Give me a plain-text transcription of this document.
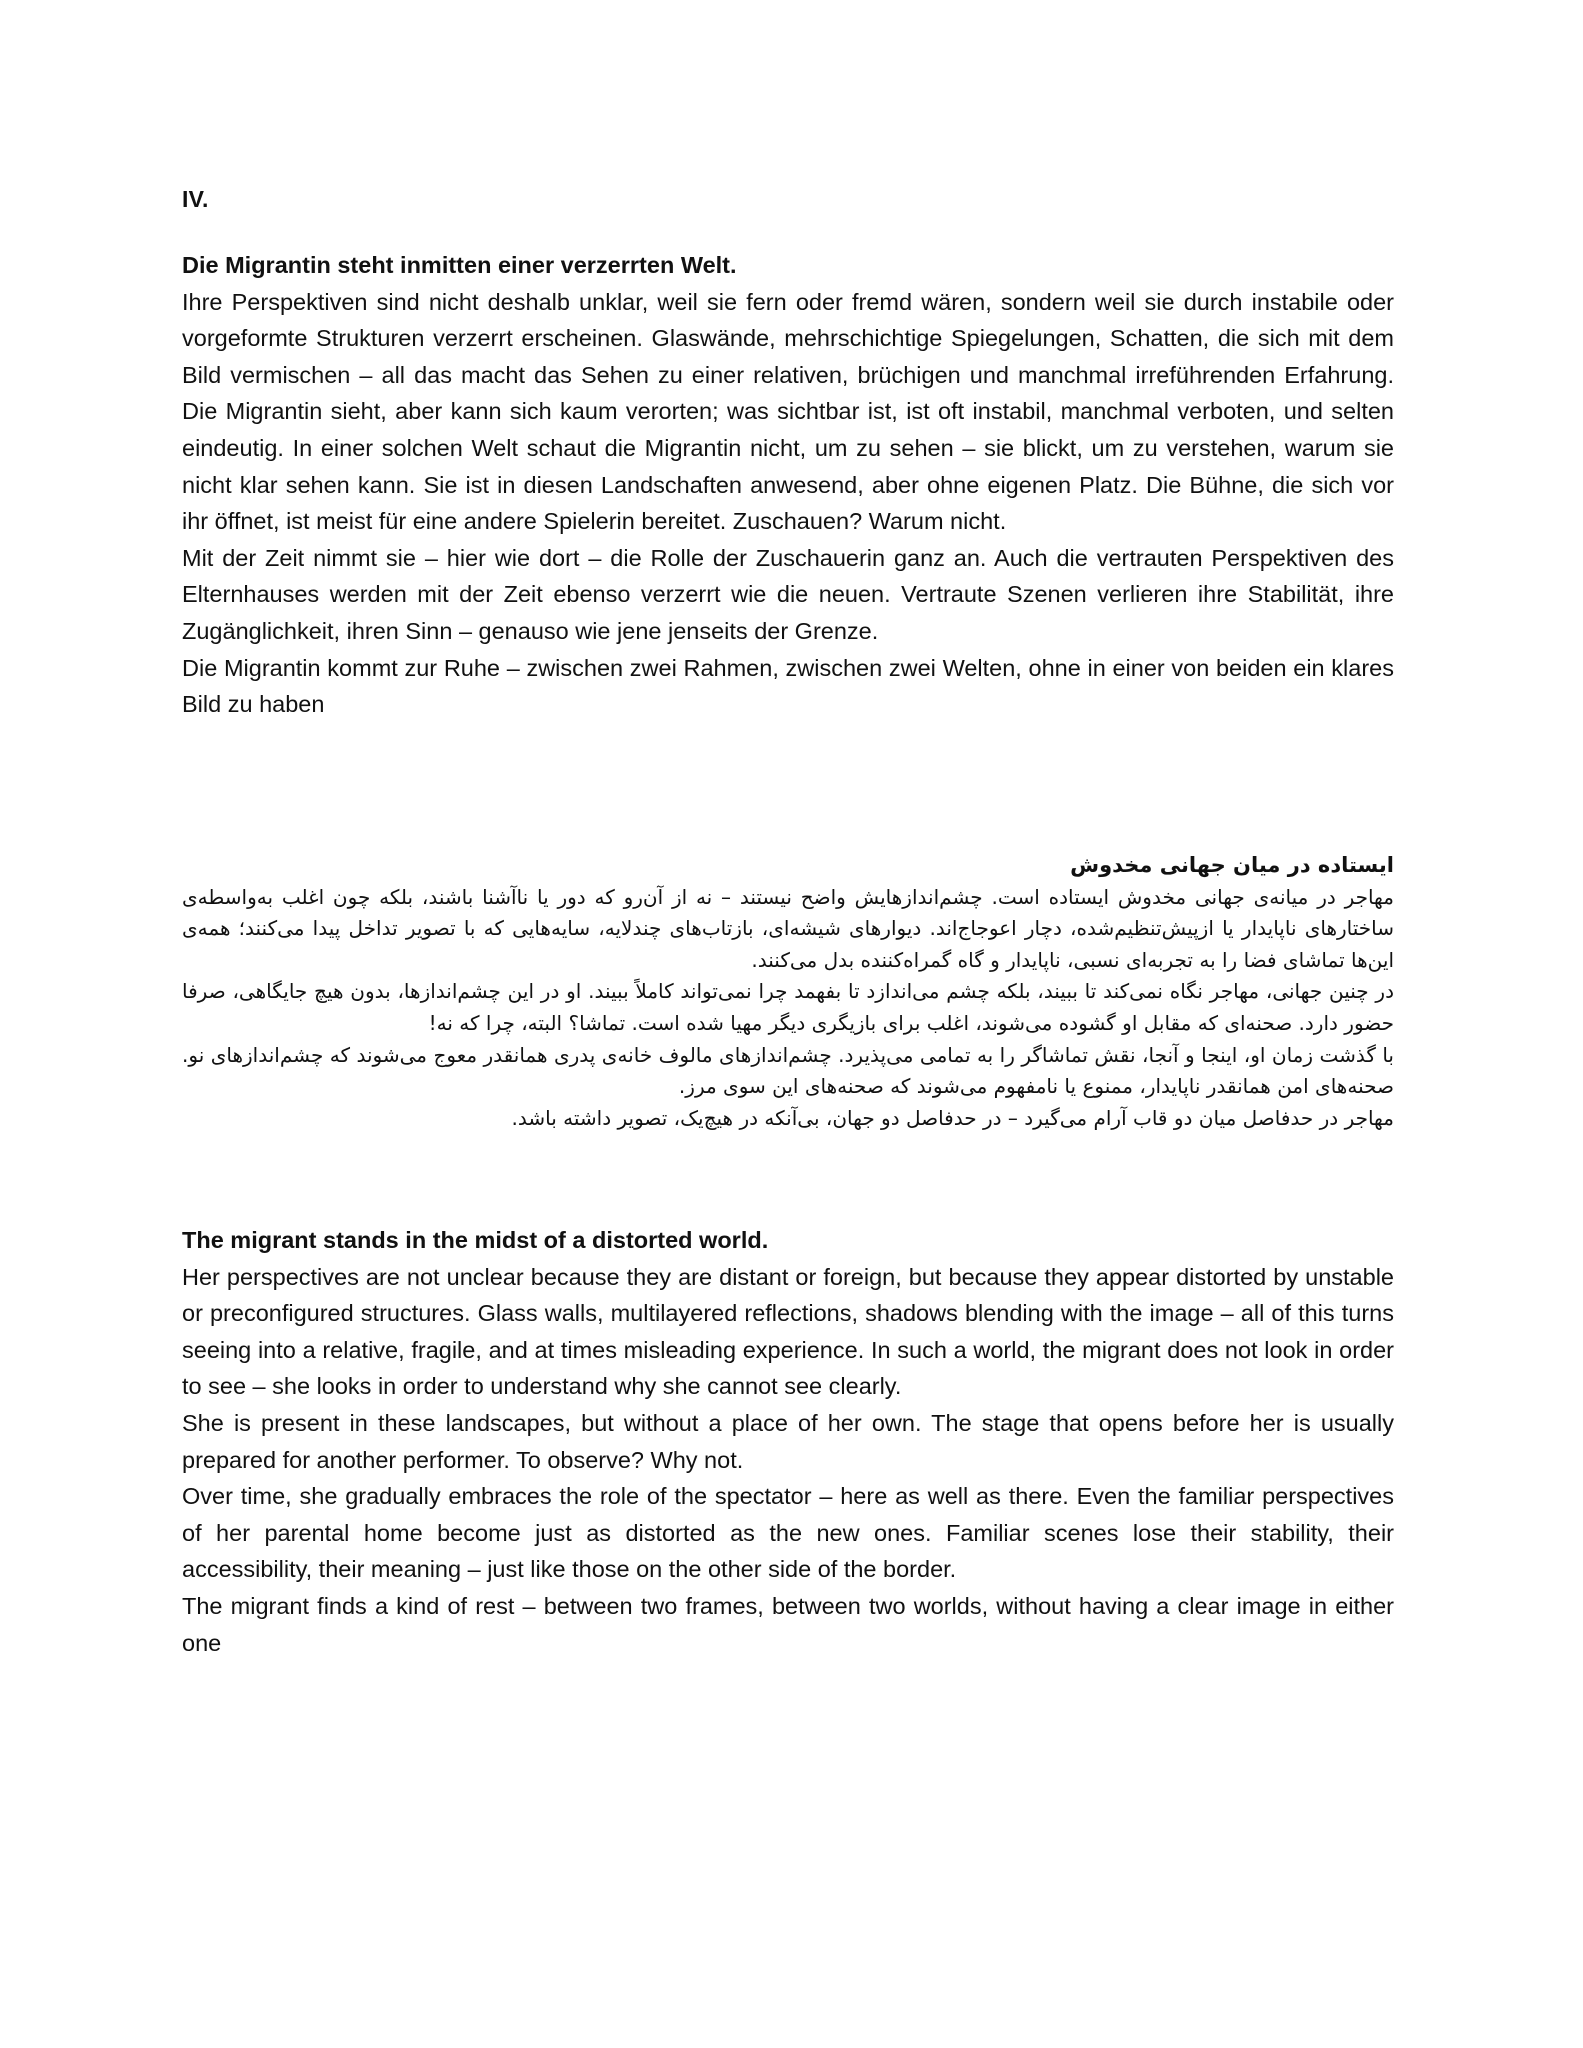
IV.

Die Migrantin steht inmitten einer verzerrten Welt.

Ihre Perspektiven sind nicht deshalb unklar, weil sie fern oder fremd wären, sondern weil sie durch instabile oder vorgeformte Strukturen verzerrt erscheinen. Glaswände, mehrschichtige Spiegelungen, Schatten, die sich mit dem Bild vermischen – all das macht das Sehen zu einer relativen, brüchigen und manchmal irreführenden Erfahrung. Die Migrantin sieht, aber kann sich kaum verorten; was sichtbar ist, ist oft instabil, manchmal verboten, und selten eindeutig. In einer solchen Welt schaut die Migrantin nicht, um zu sehen – sie blickt, um zu verstehen, warum sie nicht klar sehen kann. Sie ist in diesen Landschaften anwesend, aber ohne eigenen Platz. Die Bühne, die sich vor ihr öffnet, ist meist für eine andere Spielerin bereitet. Zuschauen? Warum nicht.

Mit der Zeit nimmt sie – hier wie dort – die Rolle der Zuschauerin ganz an. Auch die vertrauten Perspektiven des Elternhauses werden mit der Zeit ebenso verzerrt wie die neuen. Vertraute Szenen verlieren ihre Stabilität, ihre Zugänglichkeit, ihren Sinn – genauso wie jene jenseits der Grenze.

Die Migrantin kommt zur Ruhe – zwischen zwei Rahmen, zwischen zwei Welten, ohne in einer von beiden ein klares Bild zu haben

ایستاده در میان جهانی مخدوش

مهاجر در میانه‌ی جهانی مخدوش ایستاده است. چشم‌اندازهایش واضح نیستند – نه از آن‌رو که دور یا ناآشنا باشند، بلکه چون اغلب به‌واسطه‌ی ساختارهای ناپایدار یا ازپیش‌تنظیم‌شده، دچار اعوجاج‌اند. دیوارهای شیشه‌ای، بازتاب‌های چندلایه، سایه‌هایی که با تصویر تداخل پیدا می‌کنند؛ همه‌ی این‌ها تماشای فضا را به تجربه‌ای نسبی، ناپایدار و گاه گمراه‌کننده بدل می‌کنند.

در چنین جهانی، مهاجر نگاه نمی‌کند تا ببیند، بلکه چشم می‌اندازد تا بفهمد چرا نمی‌تواند کاملاً ببیند. او در این چشم‌اندازها، بدون هیچ جایگاهی، صرفا حضور دارد. صحنه‌ای که مقابل او گشوده می‌شوند، اغلب برای بازیگری دیگر مهیا شده است. تماشا؟ البته، چرا که نه!

با گذشت زمان او، اینجا و آنجا، نقش تماشاگر را به تمامی می‌پذیرد. چشم‌اندازهای مالوف خانه‌ی پدری همانقدر معوج می‌شوند که چشم‌اندازهای نو. صحنه‌های امن همانقدر ناپایدار، ممنوع یا نامفهوم می‌شوند که صحنه‌های این سوی مرز.

مهاجر در حدفاصل میان دو قاب آرام می‌گیرد – در حدفاصل دو جهان، بی‌آنکه در هیچ‌یک، تصویر داشته باشد.

The migrant stands in the midst of a distorted world.

Her perspectives are not unclear because they are distant or foreign, but because they appear distorted by unstable or preconfigured structures. Glass walls, multilayered reflections, shadows blending with the image – all of this turns seeing into a relative, fragile, and at times misleading experience. In such a world, the migrant does not look in order to see – she looks in order to understand why she cannot see clearly.

She is present in these landscapes, but without a place of her own. The stage that opens before her is usually prepared for another performer. To observe? Why not.

Over time, she gradually embraces the role of the spectator – here as well as there. Even the familiar perspectives of her parental home become just as distorted as the new ones. Familiar scenes lose their stability, their accessibility, their meaning – just like those on the other side of the border.

The migrant finds a kind of rest – between two frames, between two worlds, without having a clear image in either one
